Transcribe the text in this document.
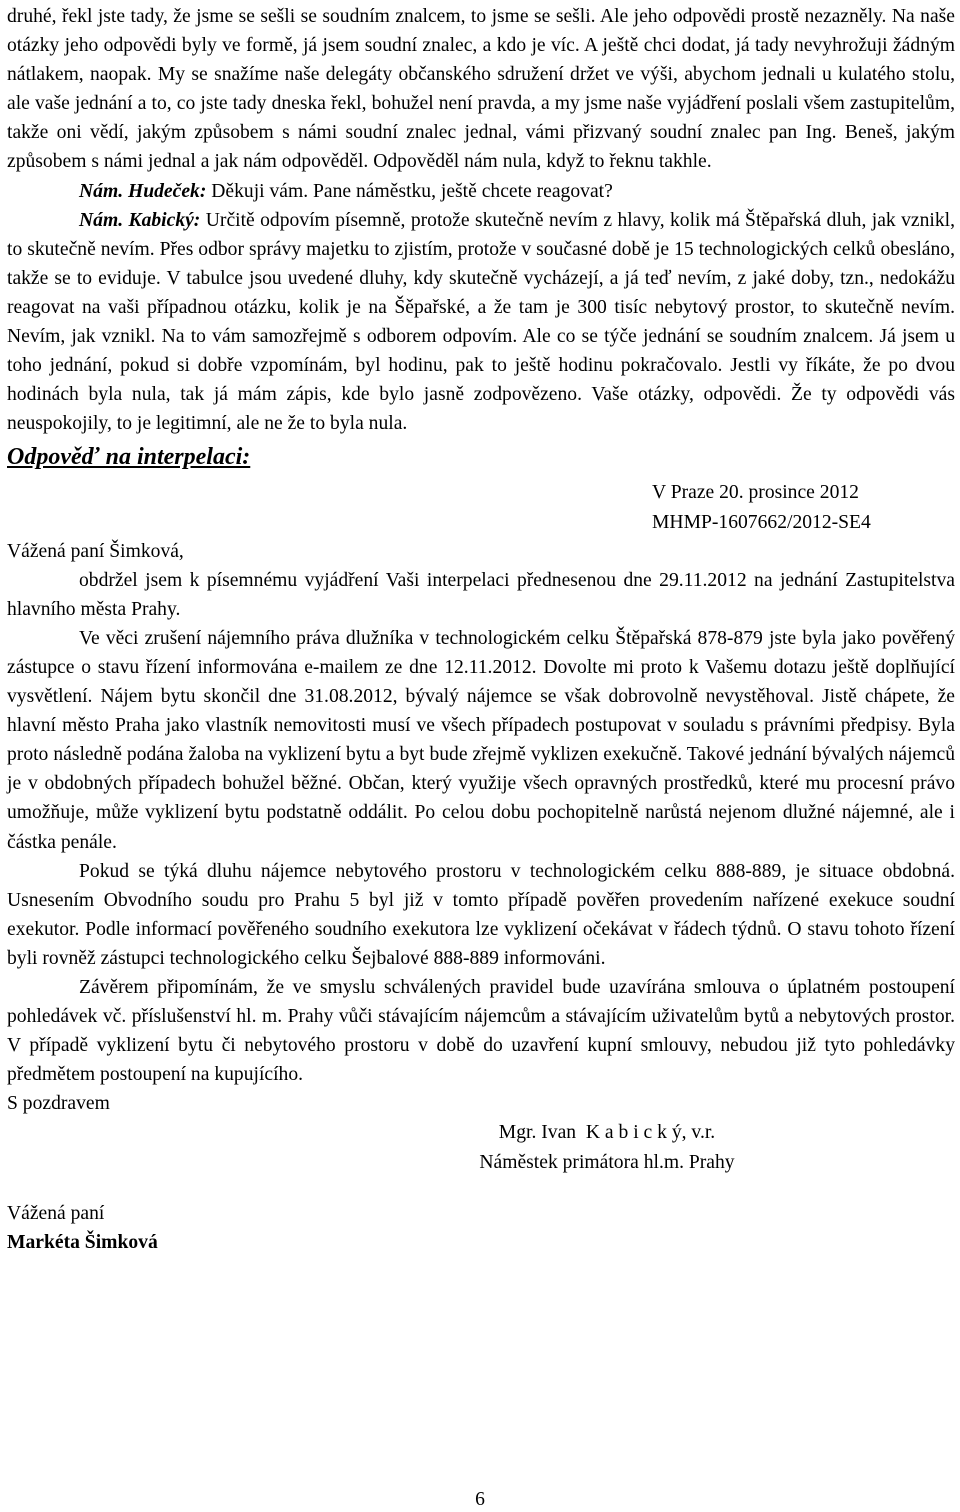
druhé, řekl jste tady, že jsme se sešli se soudním znalcem, to jsme se sešli. Ale jeho odpovědi prostě nezazněly. Na naše otázky jeho odpovědi byly ve formě, já jsem soudní znalec, a kdo je víc. A ještě chci dodat, já tady nevyhrožuji žádným nátlakem, naopak. My se snažíme naše delegáty občanského sdružení držet ve výši, abychom jednali u kulatého stolu, ale vaše jednání a to, co jste tady dneska řekl, bohužel není pravda, a my jsme naše vyjádření poslali všem zastupitelům, takže oni vědí, jakým způsobem s námi soudní znalec jednal, vámi přizvaný soudní znalec pan Ing. Beneš, jakým způsobem s námi jednal a jak nám odpověděl. Odpověděl nám nula, když to řeknu takhle.

Nám. Hudeček: Děkuji vám. Pane náměstku, ještě chcete reagovat?

Nám. Kabický: Určitě odpovím písemně, protože skutečně nevím z hlavy, kolik má Štěpařská dluh, jak vznikl, to skutečně nevím. Přes odbor správy majetku to zjistím, protože v současné době je 15 technologických celků obesláno, takže se to eviduje. V tabulce jsou uvedené dluhy, kdy skutečně vycházejí, a já teď nevím, z jaké doby, tzn., nedokážu reagovat na vaši případnou otázku, kolik je na Šěpařské, a že tam je 300 tisíc nebytový prostor, to skutečně nevím. Nevím, jak vznikl. Na to vám samozřejmě s odborem odpovím. Ale co se týče jednání se soudním znalcem. Já jsem u toho jednání, pokud si dobře vzpomínám, byl hodinu, pak to ještě hodinu pokračovalo. Jestli vy říkáte, že po dvou hodinách byla nula, tak já mám zápis, kde bylo jasně zodpovězeno. Vaše otázky, odpovědi. Že ty odpovědi vás neuspokojily, to je legitimní, ale ne že to byla nula.

Odpověď na interpelaci:
V Praze 20. prosince 2012
MHMP-1607662/2012-SE4

Vážená paní Šimková,

obdržel jsem k písemnému vyjádření Vaši interpelaci přednesenou dne 29.11.2012 na jednání Zastupitelstva hlavního města Prahy.

Ve věci zrušení nájemního práva dlužníka v technologickém celku Štěpařská 878-879 jste byla jako pověřený zástupce o stavu řízení informována e-mailem ze dne 12.11.2012. Dovolte mi proto k Vašemu dotazu ještě doplňující vysvětlení. Nájem bytu skončil dne 31.08.2012, bývalý nájemce se však dobrovolně nevystěhoval. Jistě chápete, že hlavní město Praha jako vlastník nemovitosti musí ve všech případech postupovat v souladu s právními předpisy. Byla proto následně podána žaloba na vyklizení bytu a byt bude zřejmě vyklizen exekučně. Takové jednání bývalých nájemců je v obdobných případech bohužel běžné. Občan, který využije všech opravných prostředků, které mu procesní právo umožňuje, může vyklizení bytu podstatně oddálit. Po celou dobu pochopitelně narůstá nejenom dlužné nájemné, ale i částka penále.

Pokud se týká dluhu nájemce nebytového prostoru v technologickém celku 888-889, je situace obdobná. Usnesením Obvodního soudu pro Prahu 5 byl již v tomto případě pověřen provedením nařízené exekuce soudní exekutor. Podle informací pověřeného soudního exekutora lze vyklizení očekávat v řádech týdnů. O stavu tohoto řízení byli rovněž zástupci technologického celku Šejbalové 888-889 informováni.

Závěrem připomínám, že ve smyslu schválených pravidel bude uzavírána smlouva o úplatném postoupení pohledávek vč. příslušenství hl. m. Prahy vůči stávajícím nájemcům a stávajícím uživatelům bytů a nebytových prostor. V případě vyklizení bytu či nebytového prostoru v době do uzavření kupní smlouvy, nebudou již tyto pohledávky předmětem postoupení na kupujícího.

S pozdravem

Mgr. Ivan  K a b i c k ý, v.r.
Náměstek primátora hl.m. Prahy
Vážená paní
Markéta Šimková
6
